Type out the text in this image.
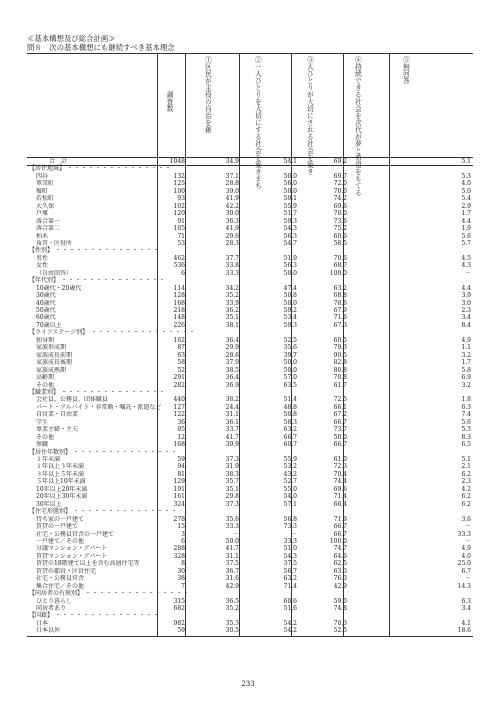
≪基本構想及び総合計画≫
問８　次の基本構想にも継続すべき基本理念
調査数	①区民が主役の自治を創	②一人ひとりを大切にする社会を築きまち	③人ひとりが大切にされる社会を築き	④持続できる社会を次代が夢と希望をもてる	⑤無回答
合　計	1048	34.9	54.1	69.2	5.1
【居住地域】 ・・・・・・・・・・・・・・・
四谷	132	37.1	50.0	69.7	5.3
箪笥町	125	28.8	56.0	72.0	4.0
榎町	100	39.0	50.0	70.0	5.0
若松町	93	41.9	59.1	74.2	5.4
大久保	102	42.2	55.9	69.6	2.9
戸塚	120	30.0	51.7	70.0	1.7
落合第一	91	36.3	59.3	73.6	4.4
落合第二	105	41.9	54.3	75.2	1.9
柏木	71	29.6	56.3	60.6	5.6
角筈・区役所	53	28.3	54.7	58.5	5.7
【性別】 ・・・・・・・・・・・・・・・
男性	462	37.7	51.9	70.6	4.5
女性	536	33.8	56.3	68.7	4.3
（自由回答）	6	33.3	50.0	100.0	－
【年代別】 ・・・・・・・・・・・・・・・
10歳代・20歳代	114	34.2	47.4	63.2	4.4
30歳代	128	35.2	50.8	68.8	3.9
40歳代	168	33.9	50.0	78.6	3.0
50歳代	218	36.2	59.2	67.9	2.3
60歳代	148	35.1	53.4	71.6	3.4
70歳以上	226	38.1	59.3	67.3	8.4
【ライフステージ別】 ・・・・・・・・・・・・・・・
独身期	162	36.4	52.5	60.5	4.9
家族形成期	87	29.9	35.6	79.3	1.1
家族成長前期	63	28.6	39.7	90.5	3.2
家族成長後期	58	37.9	50.0	82.8	1.7
家族成熟期	52	38.5	50.0	80.8	5.8
高齢期	291	36.4	57.0	70.8	6.9
その他	282	36.9	63.5	61.7	3.2
【職業別】 ・・・・・・・・・・・・・・・
会社員、公務員、団体職員	440	38.2	51.4	72.5	1.8
パート・アルバイト・非常勤・嘱託・派遣など	127	24.4	48.8	66.1	6.3
自営業・自由業	122	31.1	50.8	67.2	7.4
学生	36	36.1	58.3	66.7	5.6
専業主婦・主夫	95	33.7	63.2	73.7	5.3
その他	12	41.7	66.7	50.0	8.3
無職	168	39.9	60.7	66.7	6.5
【居住年数別】 ・・・・・・・・・・・・・・・
１年未満	59	37.3	55.9	61.0	5.1
１年以上３年未満	94	31.9	53.2	72.3	2.1
３年以上５年未満	81	38.3	43.2	70.4	6.2
５年以上10年未満	129	35.7	52.7	74.4	2.3
10年以上20年未満	191	35.1	55.0	69.6	4.2
20年以上30年未満	161	29.8	54.0	71.4	6.2
30年以上	324	37.3	57.1	66.4	6.2
【住宅形態別】 ・・・・・・・・・・・・・・・
持ち家の一戸建て	278	35.6	56.8	71.9	3.6
賃貸の一戸建て	15	33.3	73.3	66.7	－
社宅・公務員官舎の一戸建て	3	－	－	66.7	33.3
一戸建て／その他	6	50.0	33.3	100.0	－
分譲マンション・アパート	288	41.7	51.0	74.7	4.9
賃貸マンション・アパート	328	31.1	54.3	64.6	4.0
賃貸の18階建て以上を含む高層住宅等	8	37.5	37.5	62.5	25.0
賃貸の都営・区営住宅	30	36.7	56.7	63.3	6.7
社宅・公務員官舎	38	31.6	63.2	76.3	－
集合住宅／その他	7	42.9	71.4	42.9	14.3
【同居者の有無別】 ・・・・・・・・・・・・・・・
ひとり暮らし	315	36.5	60.6	59.0	6.3
同居者あり	682	35.2	51.6	74.8	3.4
【国籍】 ・・・・・・・・・・・・・・・
日本	982	35.3	54.2	70.3	4.1
日本以外	59	30.5	54.2	52.5	18.6
233
